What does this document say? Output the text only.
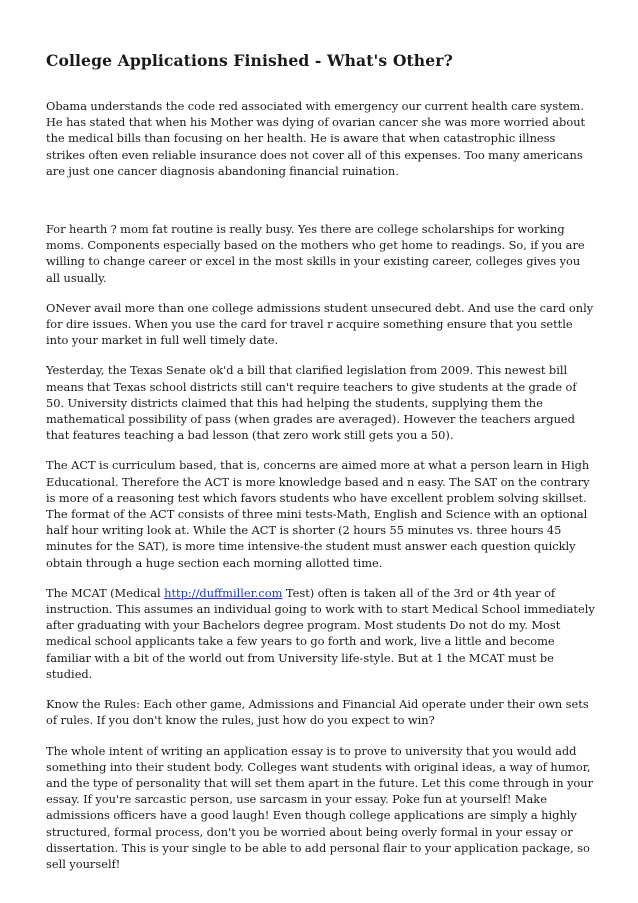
College Applications Finished - What's Other?

Obama understands the code red associated with emergency our current health care system. He has stated that when his Mother was dying of ovarian cancer she was more worried about the medical bills than focusing on her health. He is aware that when catastrophic illness strikes often even reliable insurance does not cover all of this expenses. Too many americans are just one cancer diagnosis abandoning financial ruination.

For hearth ? mom fat routine is really busy. Yes there are college scholarships for working moms. Components especially based on the mothers who get home to readings. So, if you are willing to change career or excel in the most skills in your existing career, colleges gives you all usually.

ONever avail more than one college admissions student unsecured debt. And use the card only for dire issues. When you use the card for travel r acquire something ensure that you settle into your market in full well timely date.

Yesterday, the Texas Senate ok'd a bill that clarified legislation from 2009. This newest bill means that Texas school districts still can't require teachers to give students at the grade of 50. University districts claimed that this had helping the students, supplying them the mathematical possibility of pass (when grades are averaged). However the teachers argued that features teaching a bad lesson (that zero work still gets you a 50).

The ACT is curriculum based, that is, concerns are aimed more at what a person learn in High Educational. Therefore the ACT is more knowledge based and n easy. The SAT on the contrary is more of a reasoning test which favors students who have excellent problem solving skillset. The format of the ACT consists of three mini tests-Math, English and Science with an optional half hour writing look at. While the ACT is shorter (2 hours 55 minutes vs. three hours 45 minutes for the SAT), is more time intensive-the student must answer each question quickly obtain through a huge section each morning allotted time.

The MCAT (Medical http://duffmiller.com Test) often is taken all of the 3rd or 4th year of instruction. This assumes an individual going to work with to start Medical School immediately after graduating with your Bachelors degree program. Most students Do not do my. Most medical school applicants take a few years to go forth and work, live a little and become familiar with a bit of the world out from University life-style. But at 1 the MCAT must be studied.

Know the Rules: Each other game, Admissions and Financial Aid operate under their own sets of rules. If you don't know the rules, just how do you expect to win?

The whole intent of writing an application essay is to prove to university that you would add something into their student body. Colleges want students with original ideas, a way of humor, and the type of personality that will set them apart in the future. Let this come through in your essay. If you're sarcastic person, use sarcasm in your essay. Poke fun at yourself! Make admissions officers have a good laugh! Even though college applications are simply a highly structured, formal process, don't you be worried about being overly formal in your essay or dissertation. This is your single to be able to add personal flair to your application package, so sell yourself!
